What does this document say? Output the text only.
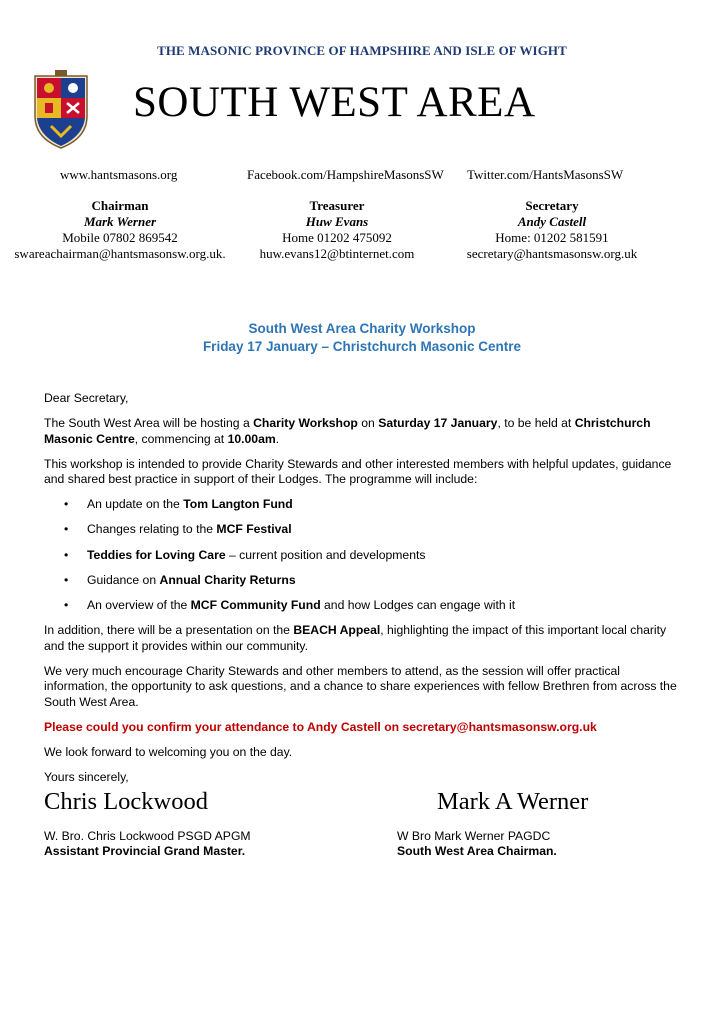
THE MASONIC PROVINCE OF HAMPSHIRE AND ISLE OF WIGHT
SOUTH WEST AREA
www.hantsmasons.org	Facebook.com/HampshireMasonsSW Twitter.com/HantsMasonsSW
Chairman
Mark Werner
Mobile 07802 869542
swareachairman@hantsmasonsw.org.uk.
Treasurer
Huw Evans
Home 01202 475092
huw.evans12@btinternet.com
Secretary
Andy Castell
Home: 01202 581591
secretary@hantsmasonsw.org.uk
South West Area Charity Workshop
Friday 17 January – Christchurch Masonic Centre

Dear Secretary,

The South West Area will be hosting a Charity Workshop on Saturday 17 January, to be held at Christchurch Masonic Centre, commencing at 10.00am.

This workshop is intended to provide Charity Stewards and other interested members with helpful updates, guidance and shared best practice in support of their Lodges. The programme will include:

• An update on the Tom Langton Fund
• Changes relating to the MCF Festival
• Teddies for Loving Care – current position and developments
• Guidance on Annual Charity Returns
• An overview of the MCF Community Fund and how Lodges can engage with it

In addition, there will be a presentation on the BEACH Appeal, highlighting the impact of this important local charity and the support it provides within our community.

We very much encourage Charity Stewards and other members to attend, as the session will offer practical information, the opportunity to ask questions, and a chance to share experiences with fellow Brethren from across the South West Area.

Please could you confirm your attendance to Andy Castell on secretary@hantsmasonsw.org.uk

We look forward to welcoming you on the day.

Yours sincerely,

Chris Lockwood	Mark A Werner
W. Bro. Chris Lockwood PSGD APGM
Assistant Provincial Grand Master.
W Bro Mark Werner PAGDC
South West Area Chairman.
